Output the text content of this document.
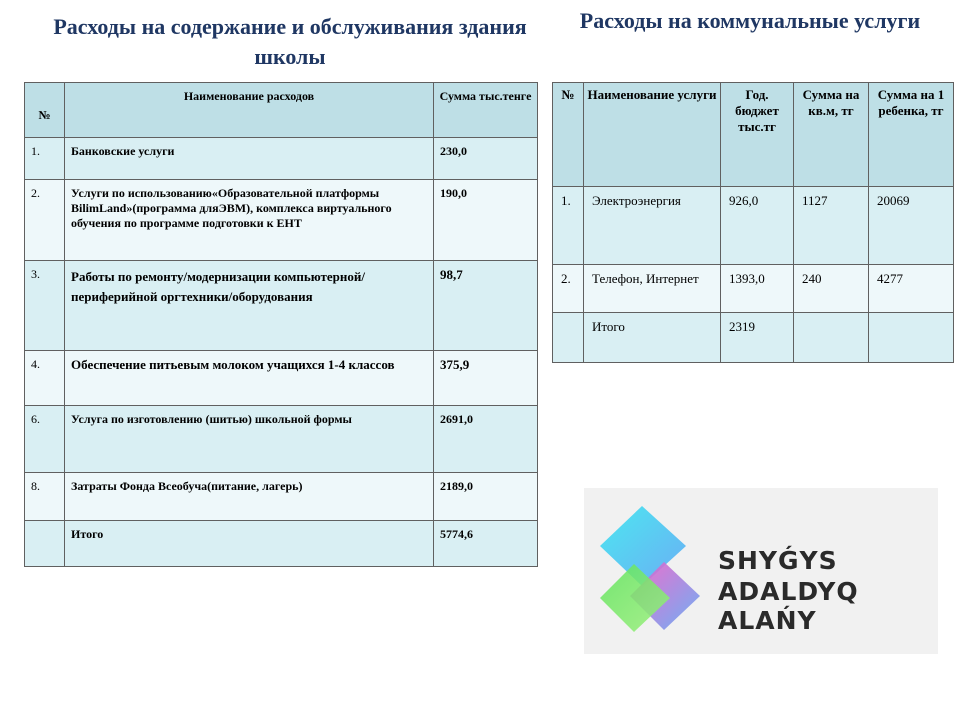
Расходы на содержание и обслуживания здания школы
Расходы на коммунальные услуги
№	Наименование расходов	Сумма тыс.тенге
1.	Банковские услуги	230,0
2.	Услуги по использованию«Образовательной платформы BilimLand»(программа дляЭВМ), комплекса виртуального обучения по программе подготовки к ЕНТ	190,0
3.	Работы по ремонту/модернизации компьютерной/периферийной оргтехники/оборудования	98,7
4.	Обеспечение питьевым молоком учащихся 1-4 классов	375,9
6.	Услуга по изготовлению (шитью) школьной формы	2691,0
8.	Затраты Фонда Всеобуча(питание, лагерь)	2189,0
	Итого	5774,6
№	Наименование услуги	Год. бюджет тыс.тг	Сумма на кв.м, тг	Сумма на 1 ребенка, тг
1.	Электроэнергия	926,0	1127	20069
2.	Телефон, Интернет	1393,0	240	4277
	Итого	2319		
SHYǴYS
ADALDYQ ALAŃY
